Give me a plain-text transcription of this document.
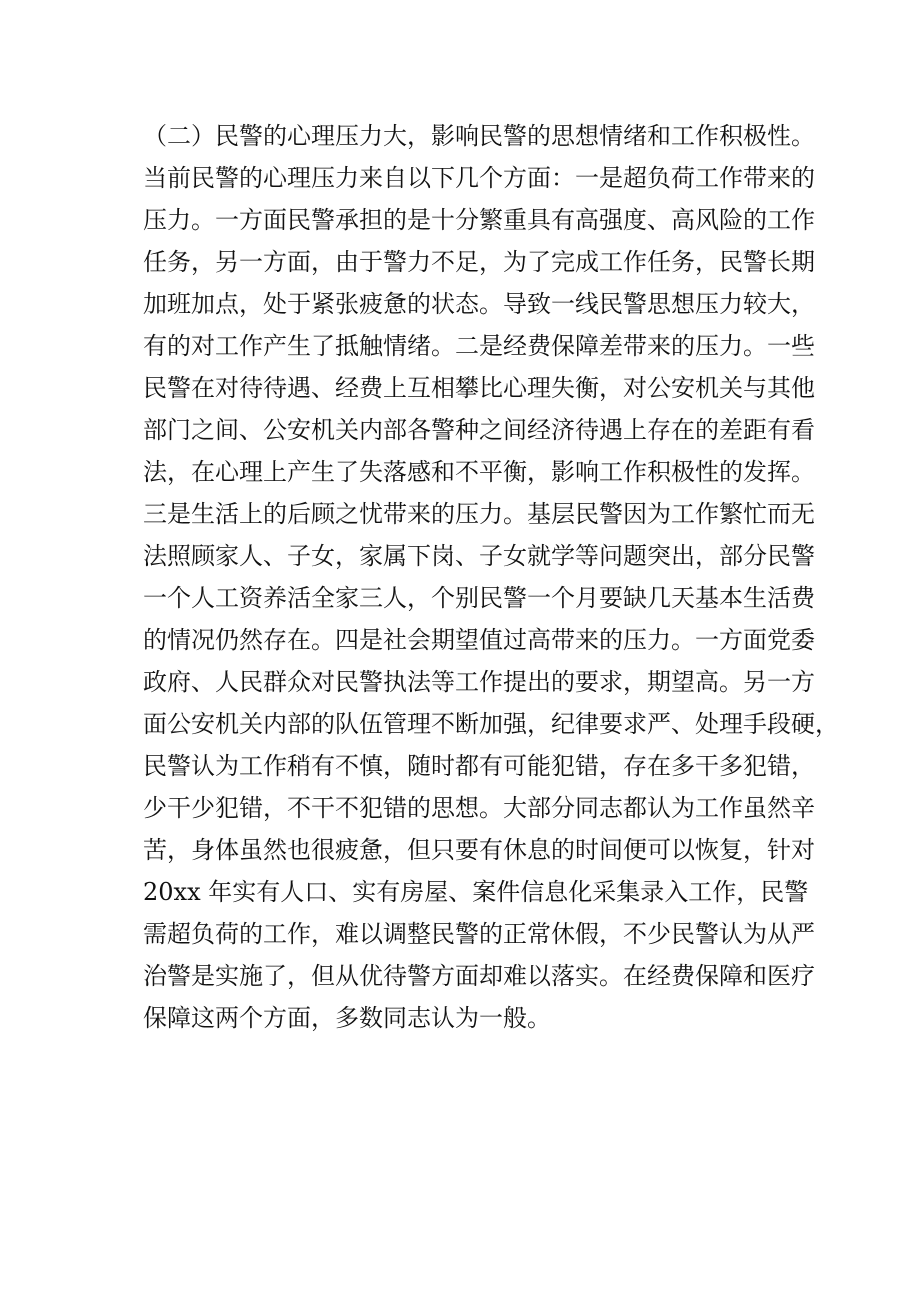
（二）民警的心理压力大，影响民警的思想情绪和工作积极性。

当前民警的心理压力来自以下几个方面：一是超负荷工作带来的

压力。一方面民警承担的是十分繁重具有高强度、高风险的工作

任务，另一方面，由于警力不足，为了完成工作任务，民警长期

加班加点，处于紧张疲惫的状态。导致一线民警思想压力较大，

有的对工作产生了抵触情绪。二是经费保障差带来的压力。一些

民警在对待待遇、经费上互相攀比心理失衡，对公安机关与其他

部门之间、公安机关内部各警种之间经济待遇上存在的差距有看

法，在心理上产生了失落感和不平衡，影响工作积极性的发挥。

三是生活上的后顾之忧带来的压力。基层民警因为工作繁忙而无

法照顾家人、子女，家属下岗、子女就学等问题突出，部分民警

一个人工资养活全家三人，个别民警一个月要缺几天基本生活费

的情况仍然存在。四是社会期望值过高带来的压力。一方面党委

政府、人民群众对民警执法等工作提出的要求，期望高。另一方

面公安机关内部的队伍管理不断加强，纪律要求严、处理手段硬，

民警认为工作稍有不慎，随时都有可能犯错，存在多干多犯错，

少干少犯错，不干不犯错的思想。大部分同志都认为工作虽然辛

苦，身体虽然也很疲惫，但只要有休息的时间便可以恢复，针对

20xx 年实有人口、实有房屋、案件信息化采集录入工作，民警

需超负荷的工作，难以调整民警的正常休假，不少民警认为从严

治警是实施了，但从优待警方面却难以落实。在经费保障和医疗

保障这两个方面，多数同志认为一般。
